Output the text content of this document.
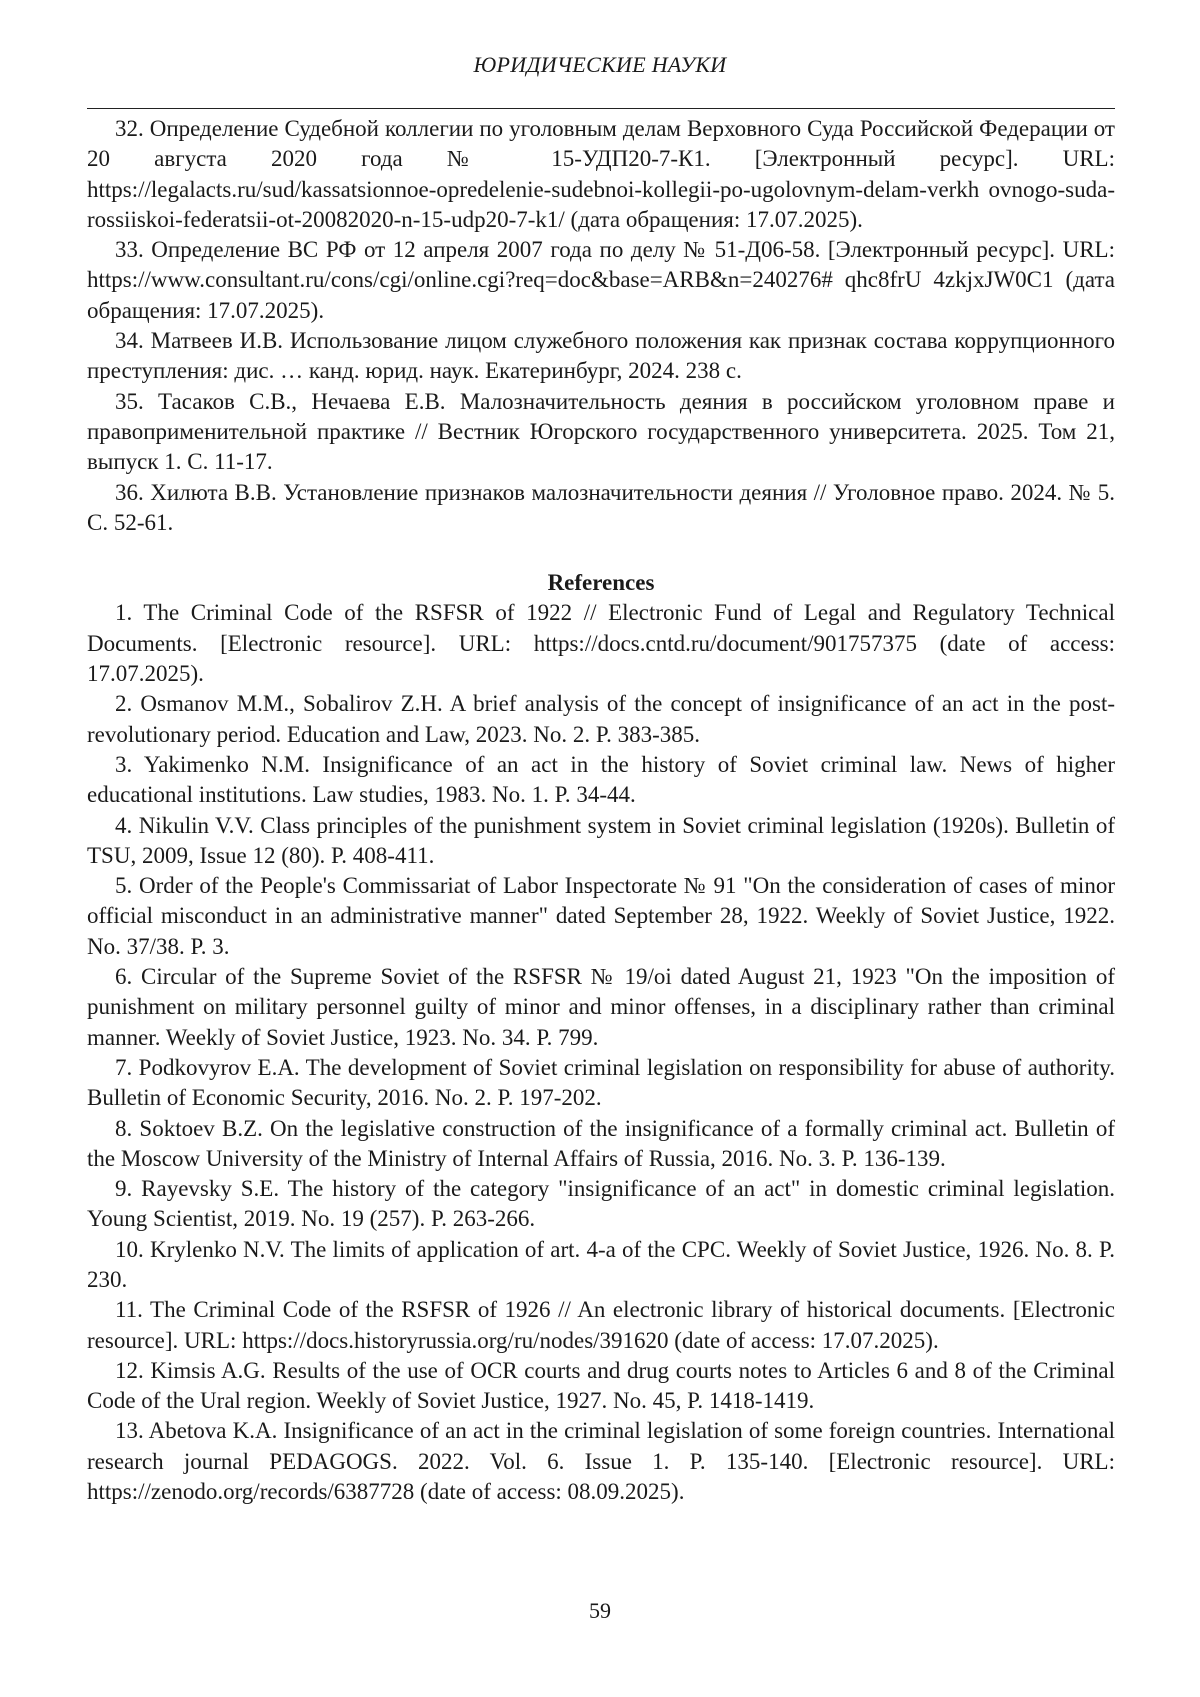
ЮРИДИЧЕСКИЕ НАУКИ

32. Определение Судебной коллегии по уголовным делам Верховного Суда Российской Федерации от 20 августа 2020 года № 15-УДП20-7-К1. [Электронный ресурс]. URL: https://legalacts.ru/sud/kassatsionnoe-opredelenie-sudebnoi-kollegii-po-ugolovnym-delam-verkh ovnogo-suda-rossiiskoi-federatsii-ot-20082020-n-15-udp20-7-k1/ (дата обращения: 17.07.2025).

33. Определение ВС РФ от 12 апреля 2007 года по делу № 51-Д06-58. [Электронный ресурс]. URL: https://www.consultant.ru/cons/cgi/online.cgi?req=doc&base=ARB&n=240276# qhc8frU 4zkjxJW0C1 (дата обращения: 17.07.2025).

34. Матвеев И.В. Использование лицом служебного положения как признак состава коррупционного преступления: дис. … канд. юрид. наук. Екатеринбург, 2024. 238 с.

35. Тасаков С.В., Нечаева Е.В. Малозначительность деяния в российском уголовном праве и правоприменительной практике // Вестник Югорского государственного университета. 2025. Том 21, выпуск 1. С. 11-17.

36. Хилюта В.В. Установление признаков малозначительности деяния // Уголовное право. 2024. № 5. С. 52-61.

References

1. The Criminal Code of the RSFSR of 1922 // Electronic Fund of Legal and Regulatory Technical Documents. [Electronic resource]. URL: https://docs.cntd.ru/document/901757375 (date of access: 17.07.2025).

2. Osmanov M.M., Sobalirov Z.H. A brief analysis of the concept of insignificance of an act in the post-revolutionary period. Education and Law, 2023. No. 2. P. 383-385.

3. Yakimenko N.M. Insignificance of an act in the history of Soviet criminal law. News of higher educational institutions. Law studies, 1983. No. 1. P. 34-44.

4. Nikulin V.V. Class principles of the punishment system in Soviet criminal legislation (1920s). Bulletin of TSU, 2009, Issue 12 (80). P. 408-411.

5. Order of the People's Commissariat of Labor Inspectorate № 91 "On the consideration of cases of minor official misconduct in an administrative manner" dated September 28, 1922. Weekly of Soviet Justice, 1922. No. 37/38. P. 3.

6. Circular of the Supreme Soviet of the RSFSR № 19/oi dated August 21, 1923 "On the imposition of punishment on military personnel guilty of minor and minor offenses, in a disciplinary rather than criminal manner. Weekly of Soviet Justice, 1923. No. 34. P. 799.

7. Podkovyrov E.A. The development of Soviet criminal legislation on responsibility for abuse of authority. Bulletin of Economic Security, 2016. No. 2. P. 197-202.

8. Soktoev B.Z. On the legislative construction of the insignificance of a formally criminal act. Bulletin of the Moscow University of the Ministry of Internal Affairs of Russia, 2016. No. 3. P. 136-139.

9. Rayevsky S.E. The history of the category "insignificance of an act" in domestic criminal legislation. Young Scientist, 2019. No. 19 (257). P. 263-266.

10. Krylenko N.V. The limits of application of art. 4-a of the CPC. Weekly of Soviet Justice, 1926. No. 8. P. 230.

11. The Criminal Code of the RSFSR of 1926 // An electronic library of historical documents. [Electronic resource]. URL: https://docs.historyrussia.org/ru/nodes/391620 (date of access: 17.07.2025).

12. Kimsis A.G. Results of the use of OCR courts and drug courts notes to Articles 6 and 8 of the Criminal Code of the Ural region. Weekly of Soviet Justice, 1927. No. 45, P. 1418-1419.

13. Abetova K.A. Insignificance of an act in the criminal legislation of some foreign countries. International research journal PEDAGOGS. 2022. Vol. 6. Issue 1. P. 135-140. [Electronic resource]. URL: https://zenodo.org/records/6387728 (date of access: 08.09.2025).

59
